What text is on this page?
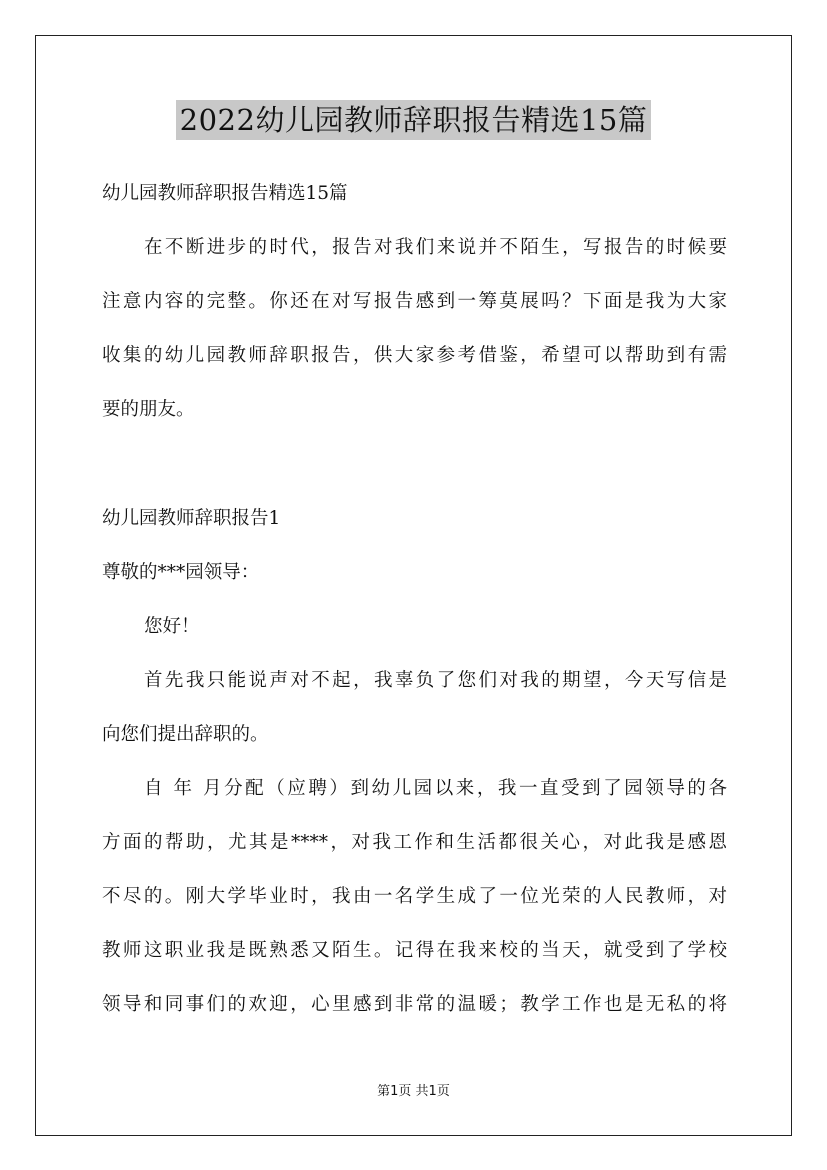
2022幼儿园教师辞职报告精选15篇
幼儿园教师辞职报告精选15篇
在不断进步的时代，报告对我们来说并不陌生，写报告的时候要
注意内容的完整。你还在对写报告感到一筹莫展吗？下面是我为大家
收集的幼儿园教师辞职报告，供大家参考借鉴，希望可以帮助到有需
要的朋友。
幼儿园教师辞职报告1
尊敬的***园领导：
您好！
首先我只能说声对不起，我辜负了您们对我的期望，今天写信是
向您们提出辞职的。
自 年 月分配（应聘）到幼儿园以来，我一直受到了园领导的各
方面的帮助，尤其是****，对我工作和生活都很关心，对此我是感恩
不尽的。刚大学毕业时，我由一名学生成了一位光荣的人民教师，对
教师这职业我是既熟悉又陌生。记得在我来校的当天，就受到了学校
领导和同事们的欢迎，心里感到非常的温暖；教学工作也是无私的将
第1页 共1页
